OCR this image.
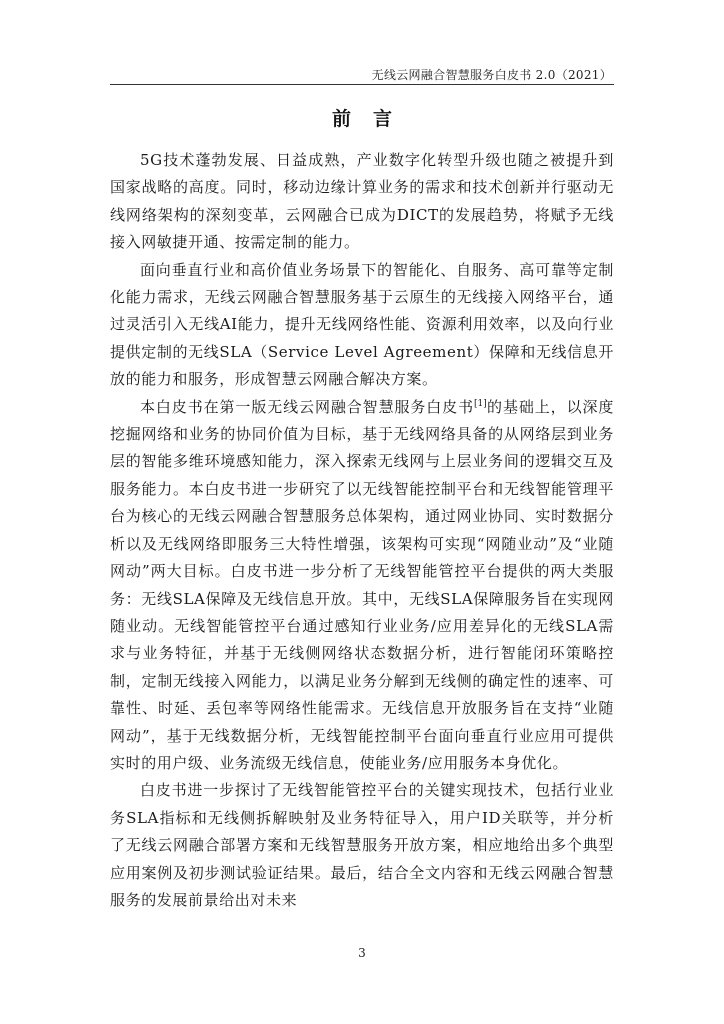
无线云网融合智慧服务白皮书 2.0（2021）
前言

5G技术蓬勃发展、日益成熟，产业数字化转型升级也随之被提升到国家战略的高度。同时，移动边缘计算业务的需求和技术创新并行驱动无线网络架构的深刻变革，云网融合已成为DICT的发展趋势，将赋予无线接入网敏捷开通、按需定制的能力。

面向垂直行业和高价值业务场景下的智能化、自服务、高可靠等定制化能力需求，无线云网融合智慧服务基于云原生的无线接入网络平台，通过灵活引入无线AI能力，提升无线网络性能、资源利用效率，以及向行业提供定制的无线SLA（Service Level Agreement）保障和无线信息开放的能力和服务，形成智慧云网融合解决方案。

本白皮书在第一版无线云网融合智慧服务白皮书[1]的基础上，以深度挖掘网络和业务的协同价值为目标，基于无线网络具备的从网络层到业务层的智能多维环境感知能力，深入探索无线网与上层业务间的逻辑交互及服务能力。本白皮书进一步研究了以无线智能控制平台和无线智能管理平台为核心的无线云网融合智慧服务总体架构，通过网业协同、实时数据分析以及无线网络即服务三大特性增强，该架构可实现“网随业动”及“业随网动”两大目标。白皮书进一步分析了无线智能管控平台提供的两大类服务：无线SLA保障及无线信息开放。其中，无线SLA保障服务旨在实现网随业动。无线智能管控平台通过感知行业业务/应用差异化的无线SLA需求与业务特征，并基于无线侧网络状态数据分析，进行智能闭环策略控制，定制无线接入网能力，以满足业务分解到无线侧的确定性的速率、可靠性、时延、丢包率等网络性能需求。无线信息开放服务旨在支持“业随网动”，基于无线数据分析，无线智能控制平台面向垂直行业应用可提供实时的用户级、业务流级无线信息，使能业务/应用服务本身优化。

白皮书进一步探讨了无线智能管控平台的关键实现技术，包括行业业务SLA指标和无线侧拆解映射及业务特征导入，用户ID关联等，并分析了无线云网融合部署方案和无线智慧服务开放方案，相应地给出多个典型应用案例及初步测试验证结果。最后，结合全文内容和无线云网融合智慧服务的发展前景给出对未来

3
